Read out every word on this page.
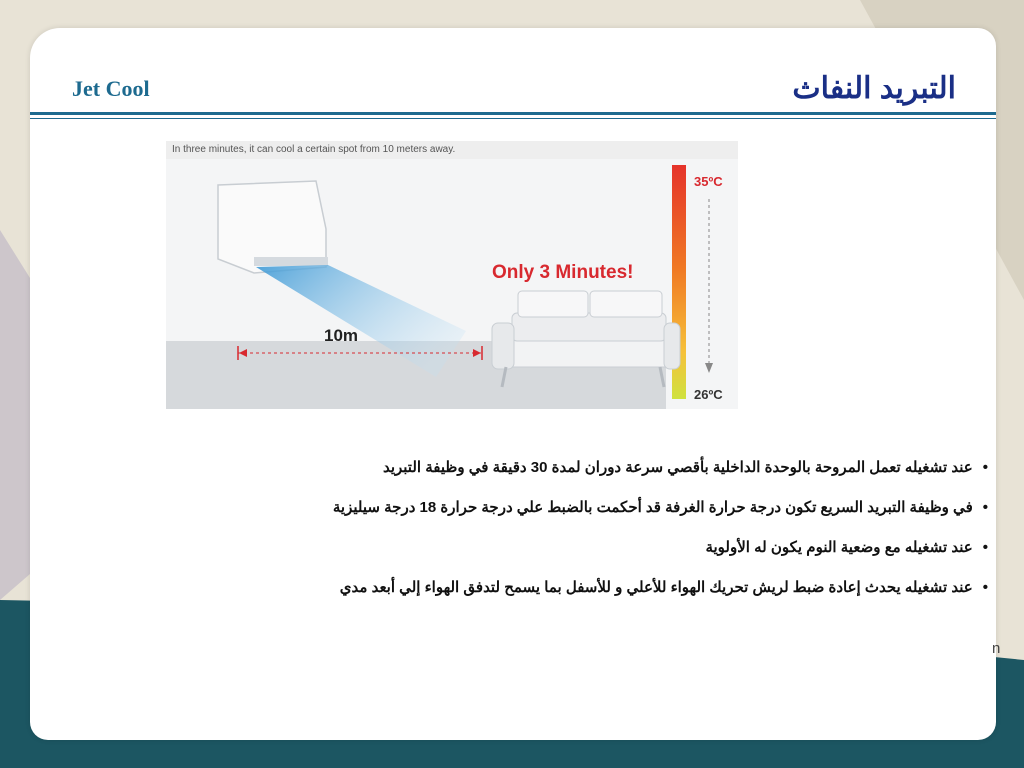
Jet Cool	التبريد النفاث
In three minutes, it can cool a certain spot from 10 meters away.
10m
Only 3 Minutes!
35ºC
26ºC
•عند تشغيله تعمل المروحة بالوحدة الداخلية بأقصي سرعة دوران لمدة 30 دقيقة في وظيفة التبريد
•في وظيفة التبريد السريع تكون درجة حرارة الغرفة قد أحكمت بالضبط علي درجة حرارة 18 درجة سيليزية
•عند تشغيله مع وضعية النوم يكون له الأولوية
•عند تشغيله يحدث إعادة ضبط لريش تحريك الهواء للأعلي و للأسفل بما يسمح لتدفق الهواء إلي أبعد مدي
n
